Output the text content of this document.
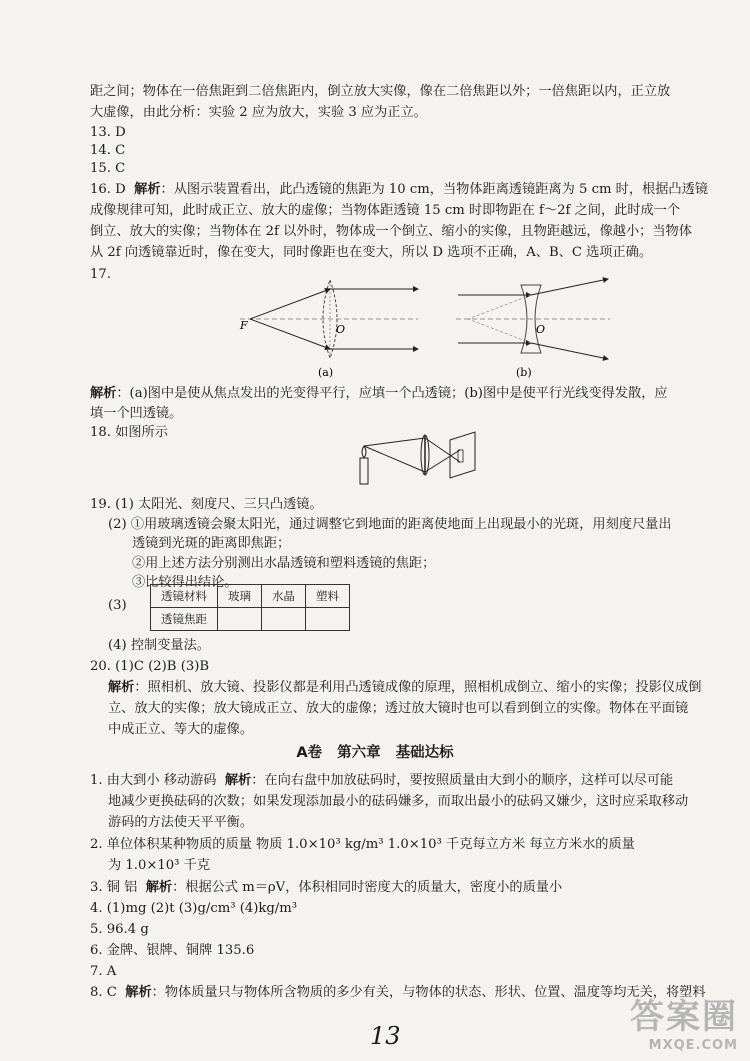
距之间；物体在一倍焦距到二倍焦距内，倒立放大实像，像在二倍焦距以外；一倍焦距以内，正立放
大虚像，由此分析：实验 2 应为放大，实验 3 应为正立。
13. D
14. C
15. C
16. D 解析：从图示装置看出，此凸透镜的焦距为 10 cm，当物体距离透镜距离为 5 cm 时，根据凸透镜
成像规律可知，此时成正立、放大的虚像；当物体距透镜 15 cm 时即物距在 f～2f 之间，此时成一个
倒立、放大的实像；当物体在 2f 以外时，物体成一个倒立、缩小的实像，且物距越远，像越小；当物体
从 2f 向透镜靠近时，像在变大，同时像距也在变大，所以 D 选项不正确，A、B、C 选项正确。
17.
F	O
(a)
O
(b)
解析：(a)图中是使从焦点发出的光变得平行，应填一个凸透镜；(b)图中是使平行光线变得发散，应
填一个凹透镜。
18. 如图所示
19. (1) 太阳光、刻度尺、三只凸透镜。
(2) ①用玻璃透镜会聚太阳光，通过调整它到地面的距离使地面上出现最小的光斑，用刻度尺量出
透镜到光斑的距离即焦距；
②用上述方法分别测出水晶透镜和塑料透镜的焦距；
③比较得出结论。
(3)
透镜材料	玻璃	水晶	塑料
透镜焦距			
(4) 控制变量法。
20. (1)C (2)B (3)B
解析：照相机、放大镜、投影仪都是利用凸透镜成像的原理，照相机成倒立、缩小的实像；投影仪成倒
立、放大的实像；放大镜成正立、放大的虚像；透过放大镜时也可以看到倒立的实像。物体在平面镜
中成正立、等大的虚像。
A卷 第六章 基础达标
1. 由大到小 移动游码 解析：在向右盘中加放砝码时，要按照质量由大到小的顺序，这样可以尽可能
地减少更换砝码的次数；如果发现添加最小的砝码嫌多，而取出最小的砝码又嫌少，这时应采取移动
游码的方法使天平平衡。
2. 单位体积某种物质的质量 物质 1.0×10³ kg/m³ 1.0×10³ 千克每立方米 每立方米水的质量
为 1.0×10³ 千克
3. 铜 铝 解析：根据公式 m＝ρV，体积相同时密度大的质量大，密度小的质量小
4. (1)mg (2)t (3)g/cm³ (4)kg/m³
5. 96.4 g
6. 金牌、银牌、铜牌 135.6
7. A
8. C 解析：物体质量只与物体所含物质的多少有关，与物体的状态、形状、位置、温度等均无关，将塑料
13	答案圈
MXQE.COM
